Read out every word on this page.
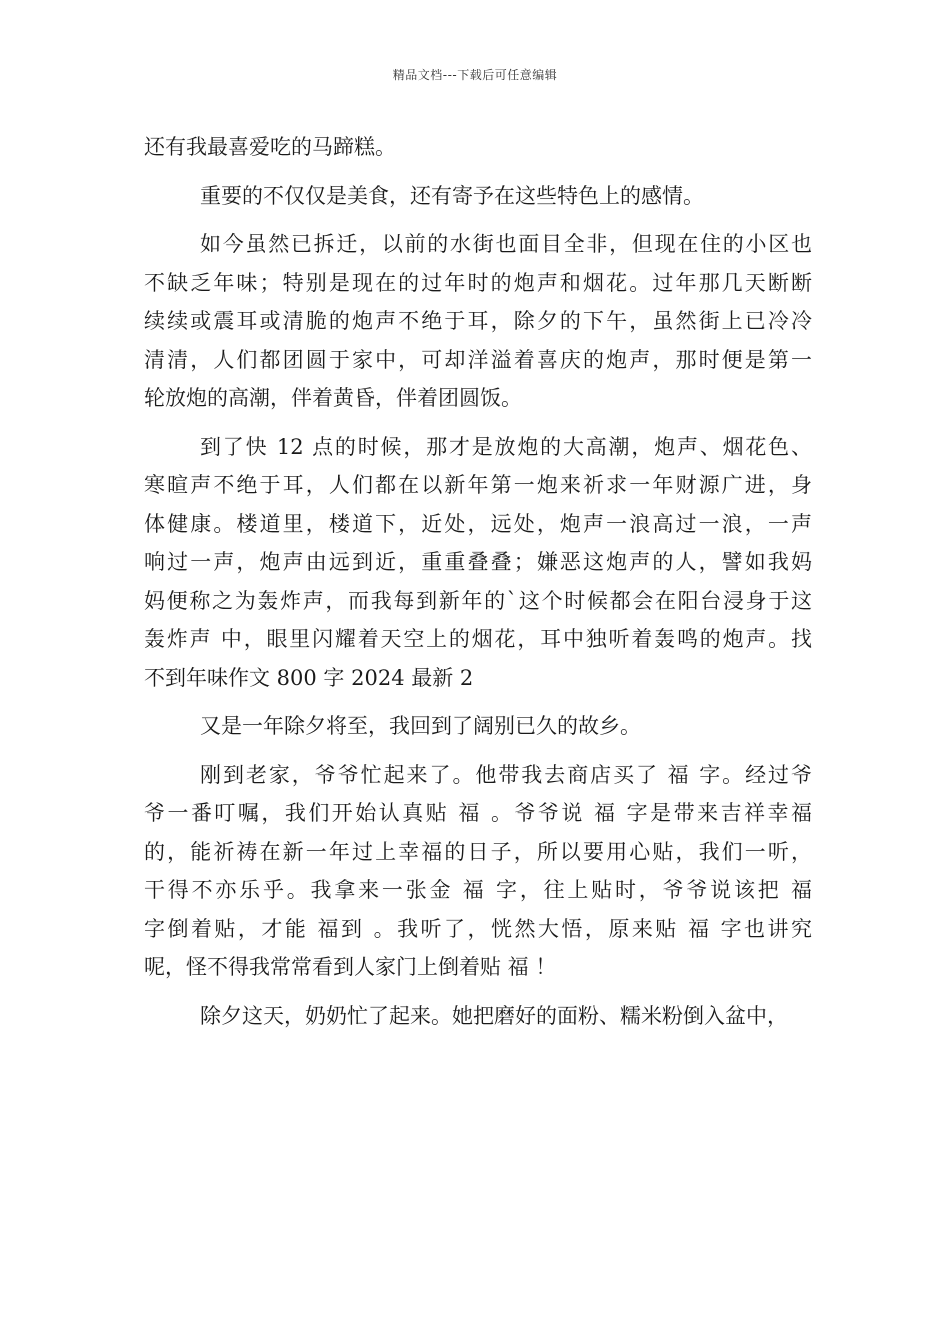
精品文档---下载后可任意编辑
还有我最喜爱吃的马蹄糕。
重要的不仅仅是美食，还有寄予在这些特色上的感情。
如今虽然已拆迁，以前的水街也面目全非，但现在住的小区也
不缺乏年味；特别是现在的过年时的炮声和烟花。过年那几天断断
续续或震耳或清脆的炮声不绝于耳，除夕的下午，虽然街上已冷冷
清清，人们都团圆于家中，可却洋溢着喜庆的炮声，那时便是第一
轮放炮的高潮，伴着黄昏，伴着团圆饭。
到了快 12 点的时候，那才是放炮的大高潮，炮声、烟花色、
寒暄声不绝于耳，人们都在以新年第一炮来祈求一年财源广进，身
体健康。楼道里，楼道下，近处，远处，炮声一浪高过一浪，一声
响过一声，炮声由远到近，重重叠叠；嫌恶这炮声的人，譬如我妈
妈便称之为轰炸声，而我每到新年的`这个时候都会在阳台浸身于这
轰炸声 中，眼里闪耀着天空上的烟花，耳中独听着轰鸣的炮声。找
不到年味作文 800 字 2024 最新 2
又是一年除夕将至，我回到了阔别已久的故乡。
刚到老家，爷爷忙起来了。他带我去商店买了 福 字。经过爷
爷一番叮嘱，我们开始认真贴 福 。爷爷说 福 字是带来吉祥幸福
的，能祈祷在新一年过上幸福的日子，所以要用心贴，我们一听，
干得不亦乐乎。我拿来一张金 福 字，往上贴时，爷爷说该把 福
字倒着贴，才能 福到 。我听了，恍然大悟，原来贴 福 字也讲究
呢，怪不得我常常看到人家门上倒着贴 福 ！
除夕这天，奶奶忙了起来。她把磨好的面粉、糯米粉倒入盆中，
